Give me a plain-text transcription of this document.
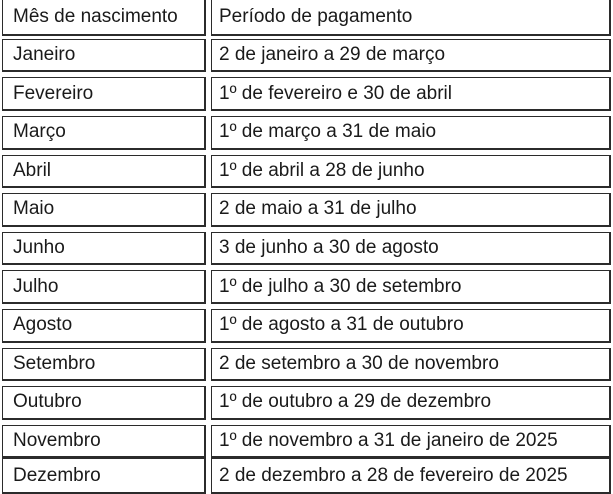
Mês de nascimento	Período de pagamento
Janeiro	2 de janeiro a 29 de março
Fevereiro	1º de fevereiro e 30 de abril
Março	1º de março a 31 de maio
Abril	1º de abril a 28 de junho
Maio	2 de maio a 31 de julho
Junho	3 de junho a 30 de agosto
Julho	1º de julho a 30 de setembro
Agosto	1º de agosto a 31 de outubro
Setembro	2 de setembro a 30 de novembro
Outubro	1º de outubro a 29 de dezembro
Novembro	1º de novembro a 31 de janeiro de 2025
Dezembro	2 de dezembro a 28 de fevereiro de 2025
